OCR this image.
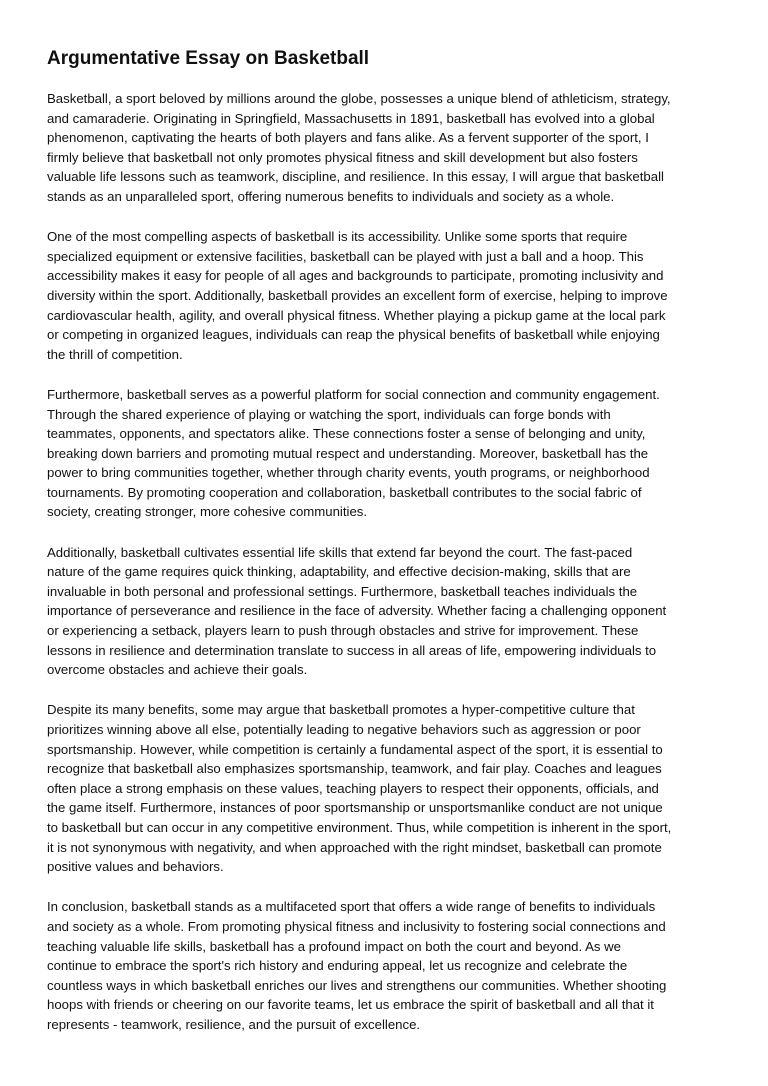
Argumentative Essay on Basketball

Basketball, a sport beloved by millions around the globe, possesses a unique blend of athleticism, strategy,
and camaraderie. Originating in Springfield, Massachusetts in 1891, basketball has evolved into a global
phenomenon, captivating the hearts of both players and fans alike. As a fervent supporter of the sport, I
firmly believe that basketball not only promotes physical fitness and skill development but also fosters
valuable life lessons such as teamwork, discipline, and resilience. In this essay, I will argue that basketball
stands as an unparalleled sport, offering numerous benefits to individuals and society as a whole.

One of the most compelling aspects of basketball is its accessibility. Unlike some sports that require
specialized equipment or extensive facilities, basketball can be played with just a ball and a hoop. This
accessibility makes it easy for people of all ages and backgrounds to participate, promoting inclusivity and
diversity within the sport. Additionally, basketball provides an excellent form of exercise, helping to improve
cardiovascular health, agility, and overall physical fitness. Whether playing a pickup game at the local park
or competing in organized leagues, individuals can reap the physical benefits of basketball while enjoying
the thrill of competition.

Furthermore, basketball serves as a powerful platform for social connection and community engagement.
Through the shared experience of playing or watching the sport, individuals can forge bonds with
teammates, opponents, and spectators alike. These connections foster a sense of belonging and unity,
breaking down barriers and promoting mutual respect and understanding. Moreover, basketball has the
power to bring communities together, whether through charity events, youth programs, or neighborhood
tournaments. By promoting cooperation and collaboration, basketball contributes to the social fabric of
society, creating stronger, more cohesive communities.

Additionally, basketball cultivates essential life skills that extend far beyond the court. The fast-paced
nature of the game requires quick thinking, adaptability, and effective decision-making, skills that are
invaluable in both personal and professional settings. Furthermore, basketball teaches individuals the
importance of perseverance and resilience in the face of adversity. Whether facing a challenging opponent
or experiencing a setback, players learn to push through obstacles and strive for improvement. These
lessons in resilience and determination translate to success in all areas of life, empowering individuals to
overcome obstacles and achieve their goals.

Despite its many benefits, some may argue that basketball promotes a hyper-competitive culture that
prioritizes winning above all else, potentially leading to negative behaviors such as aggression or poor
sportsmanship. However, while competition is certainly a fundamental aspect of the sport, it is essential to
recognize that basketball also emphasizes sportsmanship, teamwork, and fair play. Coaches and leagues
often place a strong emphasis on these values, teaching players to respect their opponents, officials, and
the game itself. Furthermore, instances of poor sportsmanship or unsportsmanlike conduct are not unique
to basketball but can occur in any competitive environment. Thus, while competition is inherent in the sport,
it is not synonymous with negativity, and when approached with the right mindset, basketball can promote
positive values and behaviors.

In conclusion, basketball stands as a multifaceted sport that offers a wide range of benefits to individuals
and society as a whole. From promoting physical fitness and inclusivity to fostering social connections and
teaching valuable life skills, basketball has a profound impact on both the court and beyond. As we
continue to embrace the sport's rich history and enduring appeal, let us recognize and celebrate the
countless ways in which basketball enriches our lives and strengthens our communities. Whether shooting
hoops with friends or cheering on our favorite teams, let us embrace the spirit of basketball and all that it
represents - teamwork, resilience, and the pursuit of excellence.
